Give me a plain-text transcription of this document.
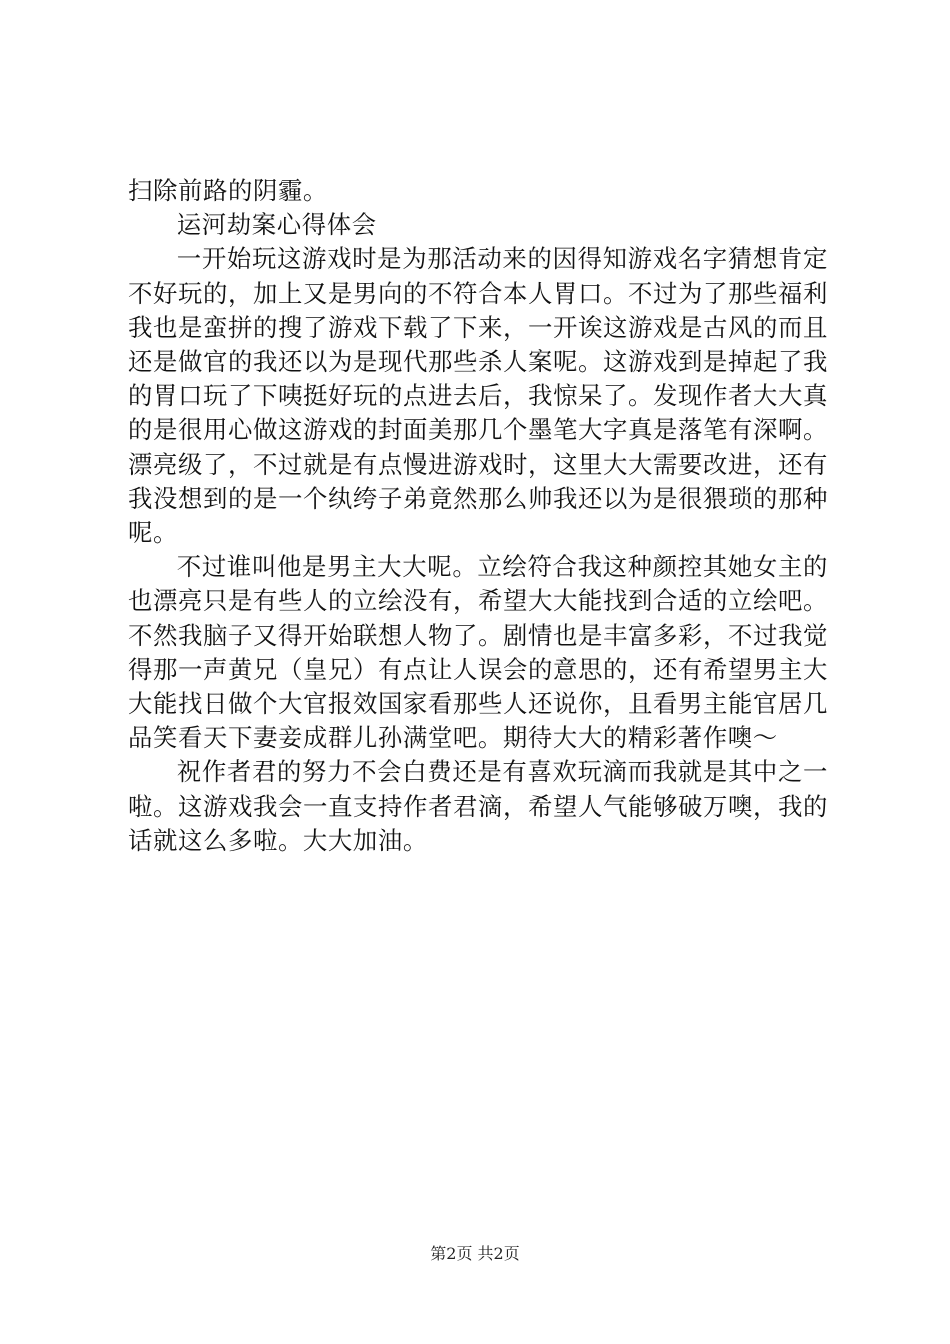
扫除前路的阴霾。

运河劫案心得体会

一开始玩这游戏时是为那活动来的因得知游戏名字猜想肯定不好玩的，加上又是男向的不符合本人胃口。不过为了那些福利我也是蛮拼的搜了游戏下载了下来，一开诶这游戏是古风的而且还是做官的我还以为是现代那些杀人案呢。这游戏到是掉起了我的胃口玩了下咦挺好玩的点进去后，我惊呆了。发现作者大大真的是很用心做这游戏的封面美那几个墨笔大字真是落笔有深啊。漂亮级了，不过就是有点慢进游戏时，这里大大需要改进，还有我没想到的是一个纨绔子弟竟然那么帅我还以为是很猥琐的那种呢。

不过谁叫他是男主大大呢。立绘符合我这种颜控其她女主的也漂亮只是有些人的立绘没有，希望大大能找到合适的立绘吧。不然我脑子又得开始联想人物了。剧情也是丰富多彩，不过我觉得那一声黄兄（皇兄）有点让人误会的意思的，还有希望男主大大能找日做个大官报效国家看那些人还说你，且看男主能官居几品笑看天下妻妾成群儿孙满堂吧。期待大大的精彩著作噢～

祝作者君的努力不会白费还是有喜欢玩滴而我就是其中之一啦。这游戏我会一直支持作者君滴，希望人气能够破万噢，我的话就这么多啦。大大加油。

第2页 共2页
